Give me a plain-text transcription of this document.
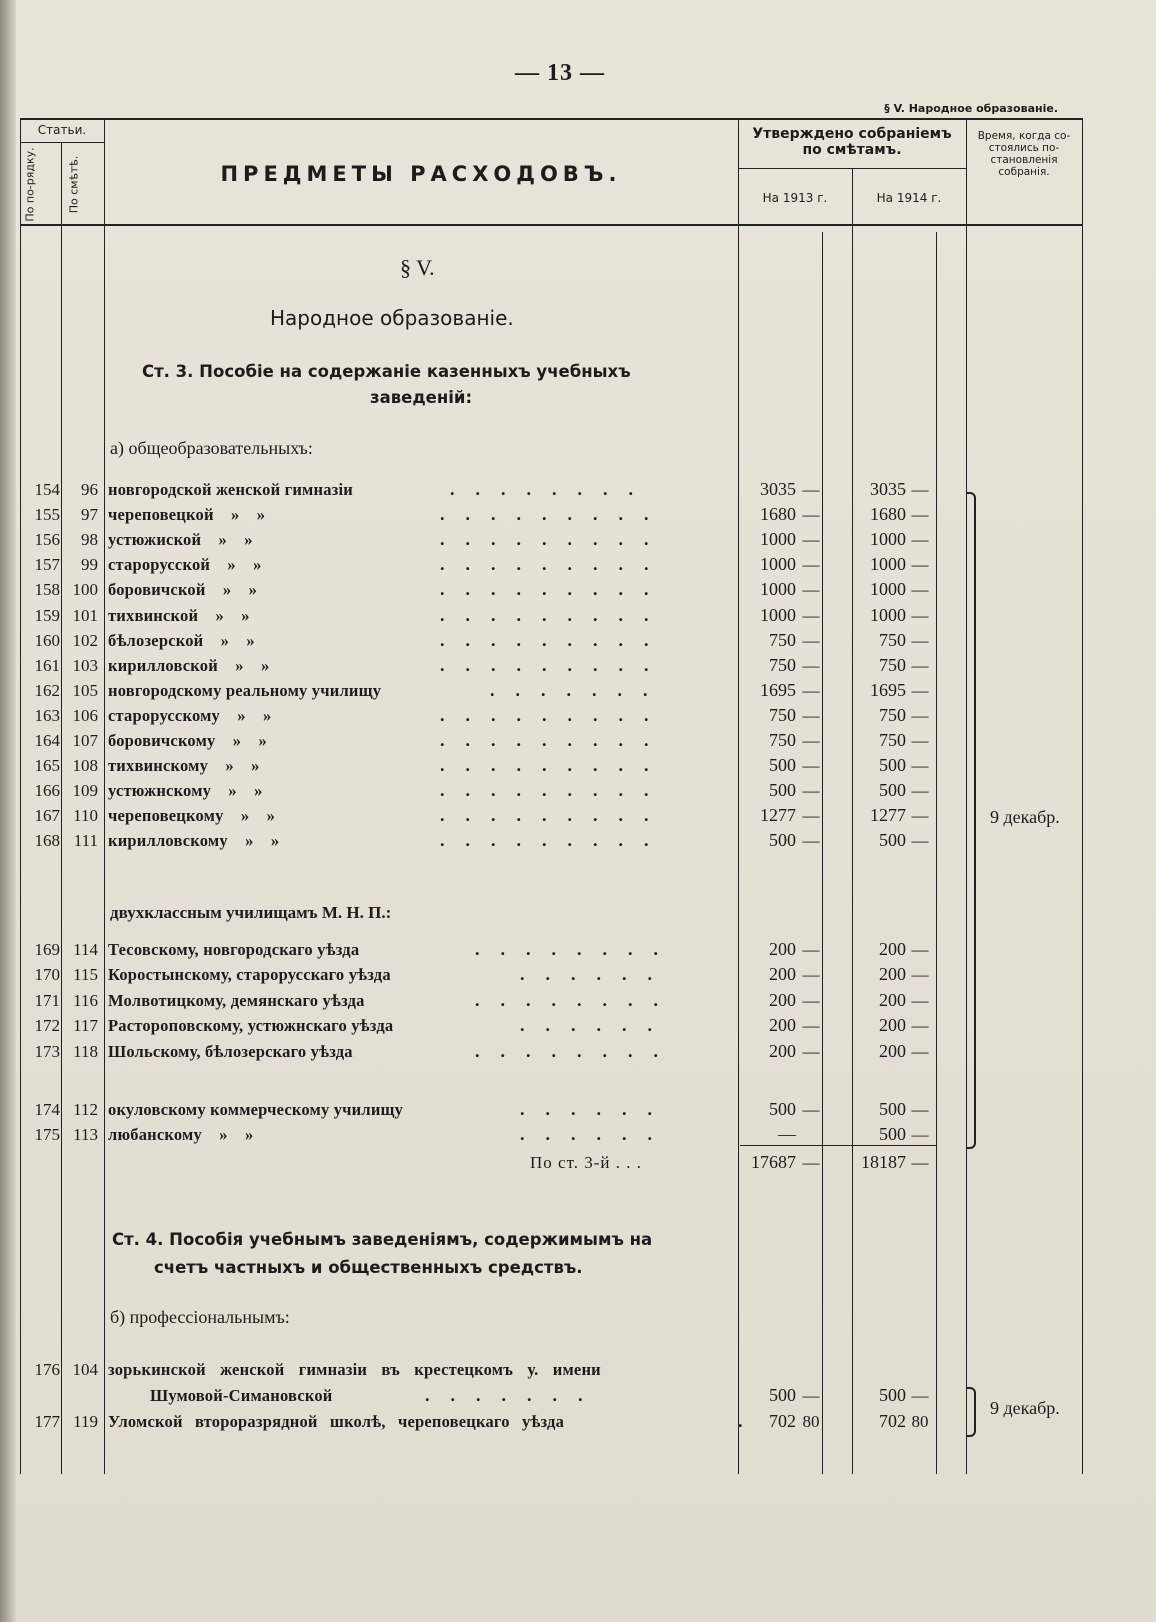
— 13 —
§ V. Народное образованіе.
Статьи.
По по-рядку.	По смѣтѣ.	ПРЕДМЕТЫ РАСХОДОВЪ.
Утверждено собраніемъ по смѣтамъ.
На 1913 г.	На 1914 г.
Время, когда со-стоялись по-становленія собранія.
§ V.
Народное образованіе.
Ст. 3. Пособіе на содержаніе казенныхъ учебныхъ
заведеній:
а) общеобразовательныхъ:
154	96 новгородской женской гимназіи	3035 —	3035 —
........
155	97 череповецкой    »    »	1680 —	1680 —
.........
156	98 устюжиской    »    »	1000 —	1000 —
.........
157	99 старорусской    »    »	1000 —	1000 —
.........
158 100 боровичской    »    »	1000 —	1000 —
.........
159 101 тихвинской    »    »	1000 —	1000 —
.........
160 102 бѣлозерской    »    »	750 —	750 —
.........
161 103 кирилловской    »    »	750 —	750 —
.........
162 105 новгородскому реальному училищу	1695 —	1695 —
.......
163 106 старорусскому    »    »	750 —	750 —
.........
164 107 боровичскому    »    »	750 —	750 —
.........
165 108 тихвинскому    »    »	500 —	500 —
.........
166 109 устюжнскому    »    »	500 —	500 —
.........
167 110 череповецкому    »    »	1277 —	1277 —
.........
168 111 кирилловскому    »    »	500 —	500 —
.........
двухклассным училищамъ М. Н. П.:
169 114 Тесовскому, новгородскаго уѣзда	200 —	200 —
........
170 115 Коростынскому, старорусскаго уѣзда	200 —	200 —
......
171 116 Молвотицкому, демянскаго уѣзда	200 —	200 —
........
172 117 Растороповскому, устюжнскаго уѣзда	200 —	200 —
......
173 118 Шольскому, бѣлозерскаго уѣзда	200 —	200 —
........
174 112 окуловскому коммерческому училищу	500 —	500 —
......
175 113 любанскому    »    »	—	500 —
......
По ст. 3-й . . .	17687 —	18187 —
9 декабр.
Ст. 4. Пособія учебнымъ заведеніямъ, содержимымъ на
счетъ частныхъ и общественныхъ средствъ.
б) профессіональнымъ:
176 104 зорькинской женской гимназіи въ крестецкомъ у. имени
Шумовой-Симановской	.......	500 —	500 —
177 119 Уломской второразрядной школѣ, череповецкаго уѣзда	. 702 80	702 80
9 декабр.
